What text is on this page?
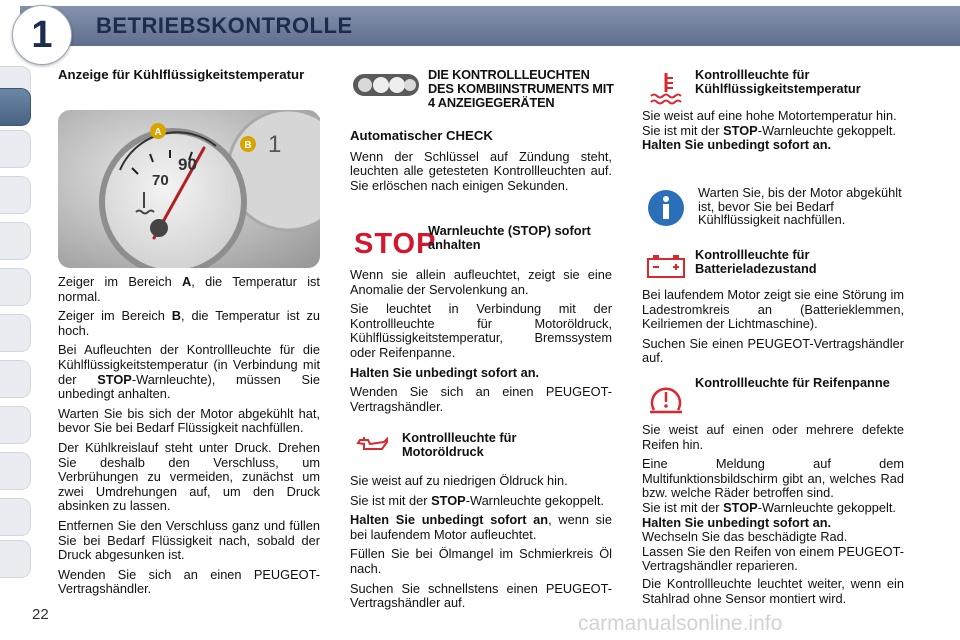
BETRIEBSKONTROLLE
1
Anzeige für Kühlflüssigkeitstemperatur
A
B
90
70
1

Zeiger im Bereich A, die Temperatur ist normal.

Zeiger im Bereich B, die Temperatur ist zu hoch.

Bei Aufleuchten der Kontrollleuchte für die Kühlflüssigkeitstemperatur (in Verbindung mit der STOP-Warnleuchte), müssen Sie unbedingt anhalten.

Warten Sie bis sich der Motor abgekühlt hat, bevor Sie bei Bedarf Flüssigkeit nachfüllen.

Der Kühlkreislauf steht unter Druck. Drehen Sie deshalb den Verschluss, um Verbrühungen zu vermeiden, zunächst um zwei Umdrehungen auf, um den Druck absinken zu lassen.

Entfernen Sie den Verschluss ganz und füllen Sie bei Bedarf Flüssigkeit nach, sobald der Druck abgesunken ist.

Wenden Sie sich an einen PEUGEOT-Vertragshändler.

DIE KONTROLLLEUCHTEN DES KOMBIINSTRUMENTS MIT 4 ANZEIGEGERÄTEN
Automatischer CHECK

Wenn der Schlüssel auf Zündung steht, leuchten alle getesteten Kontrollleuchten auf. Sie erlöschen nach einigen Sekunden.

STOP
Warnleuchte (STOP) sofort anhalten

Wenn sie allein aufleuchtet, zeigt sie eine Anomalie der Servolenkung an.

Sie leuchtet in Verbindung mit der Kontrollleuchte für Motoröldruck, Kühlflüssigkeitstemperatur, Bremssystem oder Reifenpanne.

Halten Sie unbedingt sofort an.

Wenden Sie sich an einen PEUGEOT-Vertragshändler.

Kontrollleuchte für Motoröldruck

Sie weist auf zu niedrigen Öldruck hin.

Sie ist mit der STOP-Warnleuchte gekoppelt.

Halten Sie unbedingt sofort an, wenn sie bei laufendem Motor aufleuchtet.

Füllen Sie bei Ölmangel im Schmierkreis Öl nach.

Suchen Sie schnellstens einen PEUGEOT-Vertragshändler auf.

Kontrollleuchte für Kühlflüssigkeitstemperatur

Sie weist auf eine hohe Motortemperatur hin.

Sie ist mit der STOP-Warnleuchte gekoppelt.

Halten Sie unbedingt sofort an.

Warten Sie, bis der Motor abgekühlt ist, bevor Sie bei Bedarf Kühlflüssigkeit nachfüllen.
Kontrollleuchte für Batterieladezustand

Bei laufendem Motor zeigt sie eine Störung im Ladestromkreis an (Batterieklemmen, Keilriemen der Lichtmaschine).

Suchen Sie einen PEUGEOT-Vertragshändler auf.

Kontrollleuchte für Reifenpanne

Sie weist auf einen oder mehrere defekte Reifen hin.

Eine Meldung auf dem Multifunktionsbildschirm gibt an, welches Rad bzw. welche Räder betroffen sind.

Sie ist mit der STOP-Warnleuchte gekoppelt.

Halten Sie unbedingt sofort an.

Wechseln Sie das beschädigte Rad.

Lassen Sie den Reifen von einem PEUGEOT-Vertragshändler reparieren.

Die Kontrollleuchte leuchtet weiter, wenn ein Stahlrad ohne Sensor montiert wird.

22	carmanualsonline.info
